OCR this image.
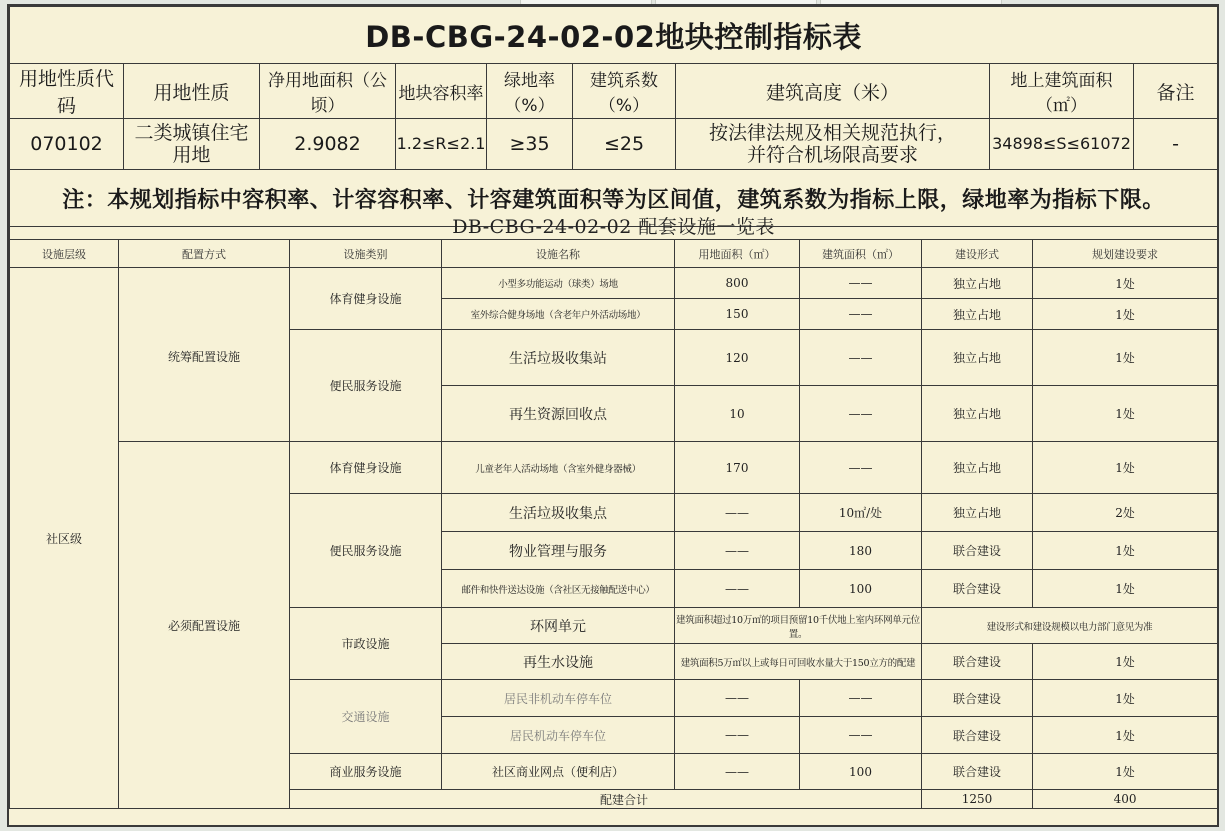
DB-CBG-24-02-02地块控制指标表								
用地性质代码	用地性质	净用地面积（公顷）	地块容积率	绿地率（%）	建筑系数（%）	建筑高度（米）	地上建筑面积（㎡）	备注
070102	二类城镇住宅用地	2.9082	1.2≤R≤2.1	≥35	≤25	按法律法规及相关规范执行，并符合机场限高要求	34898≤S≤61072	-
注：本规划指标中容积率、计容容积率、计容建筑面积等为区间值，建筑系数为指标上限，绿地率为指标下限。								
DB-CBG-24-02-02 配套设施一览表								
设施层级	配置方式	设施类别	设施名称	用地面积（㎡）	建筑面积（㎡）	建设形式	规划建设要求	
社区级	统筹配置设施	体育健身设施	小型多功能运动（球类）场地	800	——	独立占地	1处	
			室外综合健身场地（含老年户外活动场地）	150	——	独立占地	1处	
		便民服务设施	生活垃圾收集站	120	——	独立占地	1处	
			再生资源回收点	10	——	独立占地	1处	
	必须配置设施	体育健身设施	儿童老年人活动场地（含室外健身器械）	170	——	独立占地	1处	
		便民服务设施	生活垃圾收集点	——	10㎡/处	独立占地	2处	
			物业管理与服务	——	180	联合建设	1处	
			邮件和快件送达设施（含社区无接触配送中心）	——	100	联合建设	1处	
		市政设施	环网单元	建筑面积超过10万㎡的项目预留10千伏地上室内环网单元位置。		建设形式和建设规模以电力部门意见为准		
			再生水设施	建筑面积5万㎡以上或每日可回收水量大于150立方的配建		联合建设	1处	
		交通设施	居民非机动车停车位	——	——	联合建设	1处	
			居民机动车停车位	——	——	联合建设	1处	
		商业服务设施	社区商业网点（便利店）	——	100	联合建设	1处	
		配建合计				1250	400		
